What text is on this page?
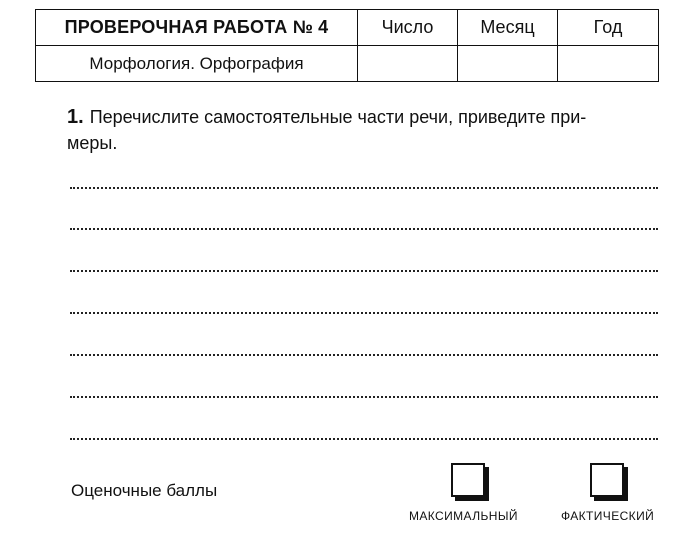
ПРОВЕРОЧНАЯ РАБОТА № 4	Число	Месяц	Год
Морфология. Орфография			

1. Перечислите самостоятельные части речи, приведите при-

меры.

Оценочные баллы

МАКСИМАЛЬНЫЙ	ФАКТИЧЕСКИЙ
